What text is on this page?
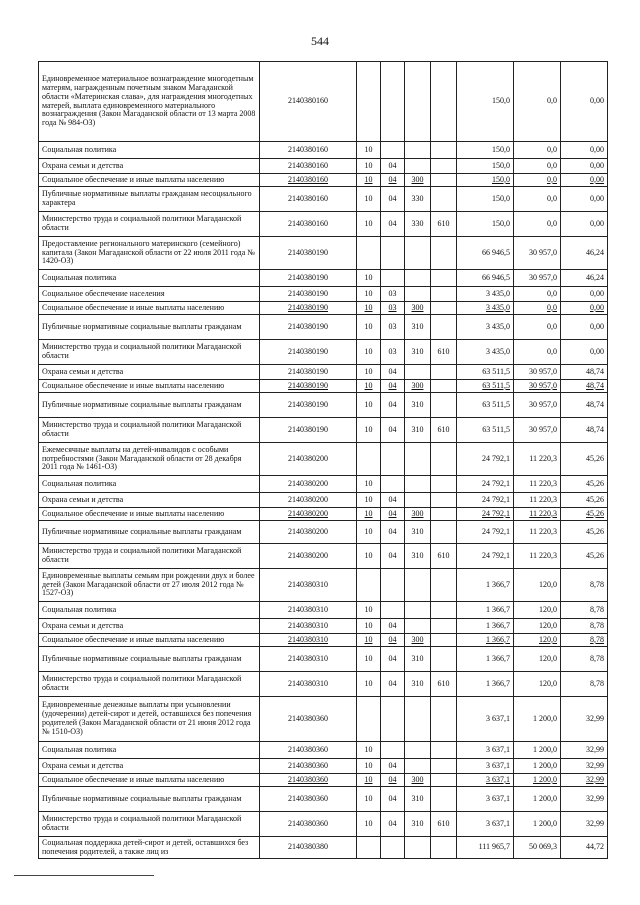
544
Единовременное материальное вознаграждение многодетным матерям, награжденным почетным знаком Магаданской области «Материнская слава», для награждения многодетных матерей, выплата единовременного материального вознаграждения (Закон Магаданской области от 13 марта 2008 года № 984-ОЗ)	2140380160					150,0	0,0	0,00
Социальная политика	2140380160	10				150,0	0,0	0,00
Охрана семьи и детства	2140380160	10	04			150,0	0,0	0,00
Социальное обеспечение и иные выплаты населению	2140380160	10	04	300		150,0	0,0	0,00
Публичные нормативные выплаты гражданам несоциального характера	2140380160	10	04	330		150,0	0,0	0,00
Министерство труда и социальной политики Магаданской области	2140380160	10	04	330	610	150,0	0,0	0,00
Предоставление регионального материнского (семейного) капитала (Закон Магаданской области от 22 июля 2011 года № 1420-ОЗ)	2140380190					66 946,5	30 957,0	46,24
Социальная политика	2140380190	10				66 946,5	30 957,0	46,24
Социальное обеспечение населения	2140380190	10	03			3 435,0	0,0	0,00
Социальное обеспечение и иные выплаты населению	2140380190	10	03	300		3 435,0	0,0	0,00
Публичные нормативные социальные выплаты гражданам	2140380190	10	03	310		3 435,0	0,0	0,00
Министерство труда и социальной политики Магаданской области	2140380190	10	03	310	610	3 435,0	0,0	0,00
Охрана семьи и детства	2140380190	10	04			63 511,5	30 957,0	48,74
Социальное обеспечение и иные выплаты населению	2140380190	10	04	300		63 511,5	30 957,0	48,74
Публичные нормативные социальные выплаты гражданам	2140380190	10	04	310		63 511,5	30 957,0	48,74
Министерство труда и социальной политики Магаданской области	2140380190	10	04	310	610	63 511,5	30 957,0	48,74
Ежемесячные выплаты на детей-инвалидов с особыми потребностями (Закон Магаданской области от 28 декабря 2011 года № 1461-ОЗ)	2140380200					24 792,1	11 220,3	45,26
Социальная политика	2140380200	10				24 792,1	11 220,3	45,26
Охрана семьи и детства	2140380200	10	04			24 792,1	11 220,3	45,26
Социальное обеспечение и иные выплаты населению	2140380200	10	04	300		24 792,1	11 220,3	45,26
Публичные нормативные социальные выплаты гражданам	2140380200	10	04	310		24 792,1	11 220,3	45,26
Министерство труда и социальной политики Магаданской области	2140380200	10	04	310	610	24 792,1	11 220,3	45,26
Единовременные выплаты семьям при рождении двух и более детей (Закон Магаданской области от 27 июля 2012 года № 1527-ОЗ)	2140380310					1 366,7	120,0	8,78
Социальная политика	2140380310	10				1 366,7	120,0	8,78
Охрана семьи и детства	2140380310	10	04			1 366,7	120,0	8,78
Социальное обеспечение и иные выплаты населению	2140380310	10	04	300		1 366,7	120,0	8,78
Публичные нормативные социальные выплаты гражданам	2140380310	10	04	310		1 366,7	120,0	8,78
Министерство труда и социальной политики Магаданской области	2140380310	10	04	310	610	1 366,7	120,0	8,78
Единовременные денежные выплаты при усыновлении (удочерении) детей-сирот и детей, оставшихся без попечения родителей (Закон Магаданской области от 21 июня 2012 года № 1510-ОЗ)	2140380360					3 637,1	1 200,0	32,99
Социальная политика	2140380360	10				3 637,1	1 200,0	32,99
Охрана семьи и детства	2140380360	10	04			3 637,1	1 200,0	32,99
Социальное обеспечение и иные выплаты населению	2140380360	10	04	300		3 637,1	1 200,0	32,99
Публичные нормативные социальные выплаты гражданам	2140380360	10	04	310		3 637,1	1 200,0	32,99
Министерство труда и социальной политики Магаданской области	2140380360	10	04	310	610	3 637,1	1 200,0	32,99
Социальная поддержка детей-сирот и детей, оставшихся без попечения родителей, а также лиц из	2140380380					111 965,7	50 069,3	44,72
